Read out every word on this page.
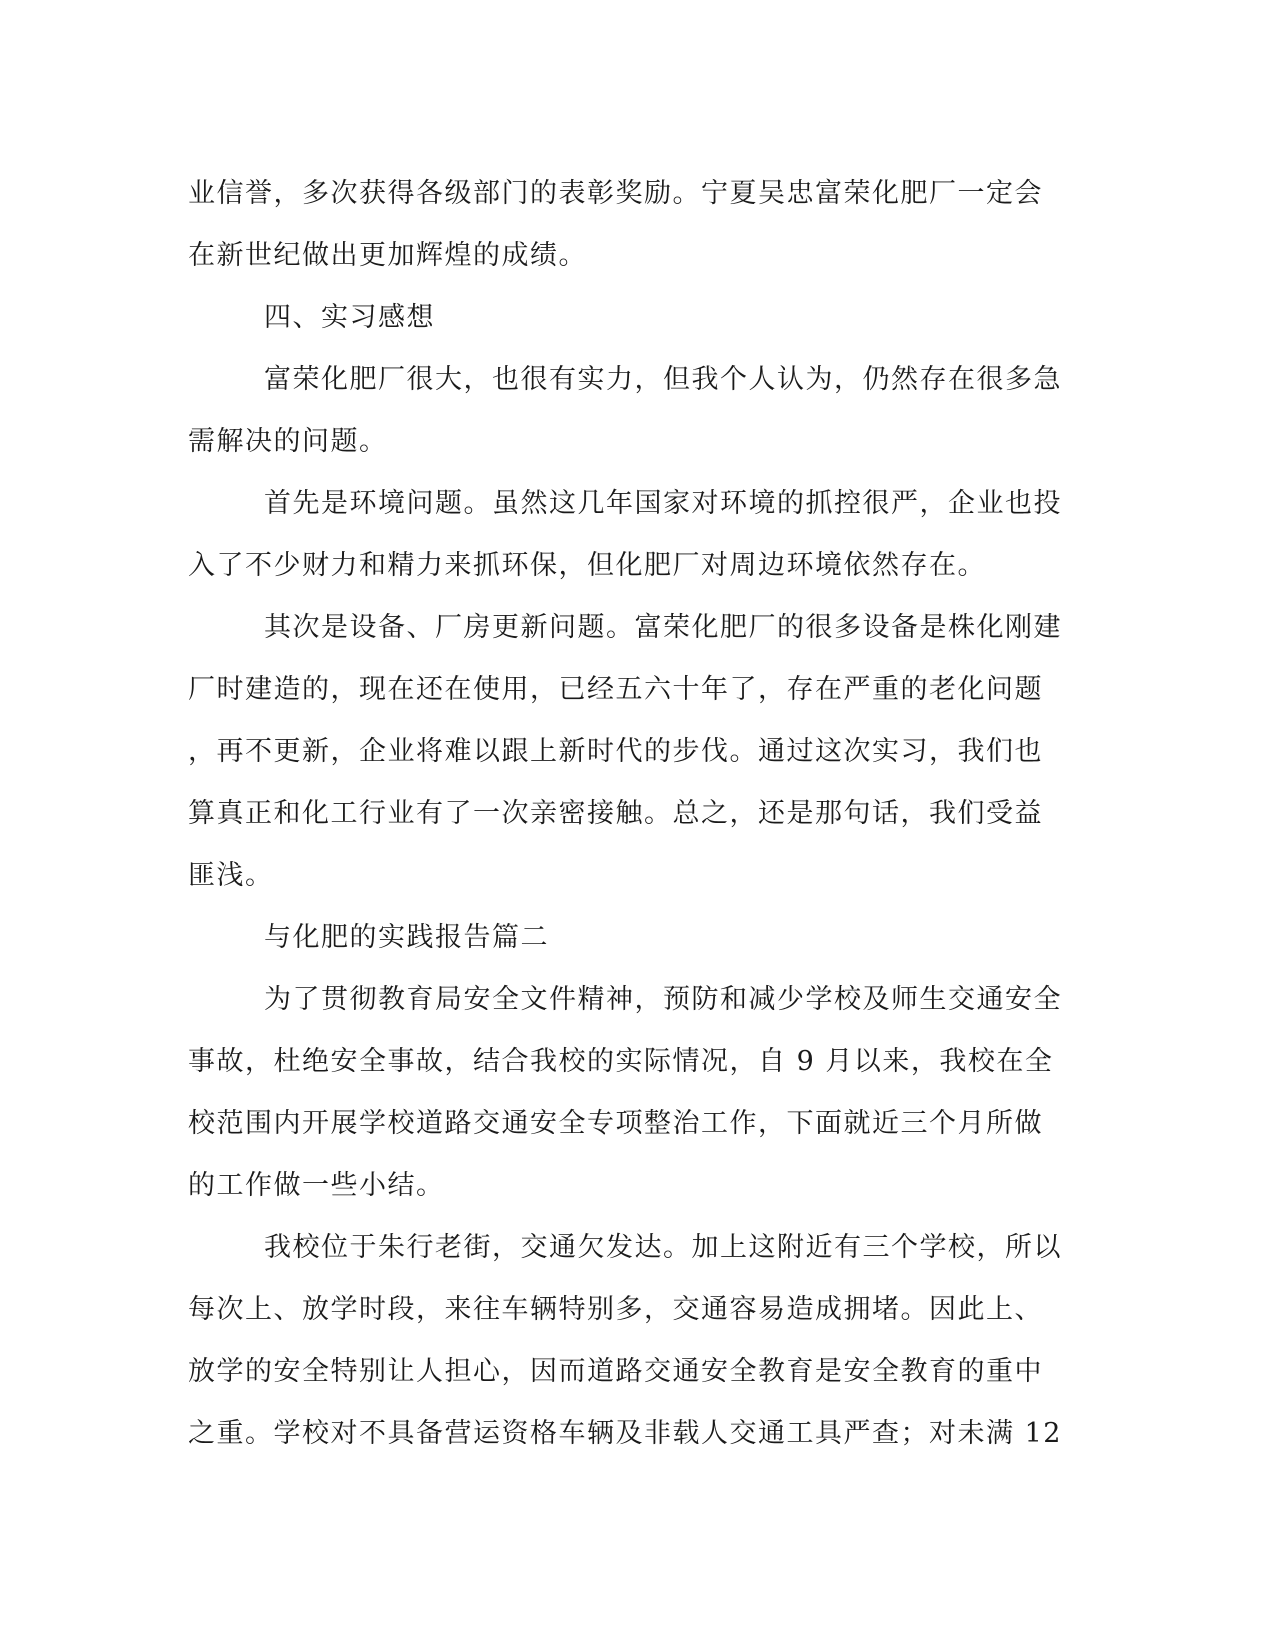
业信誉，多次获得各级部门的表彰奖励。宁夏吴忠富荣化肥厂一定会
在新世纪做出更加辉煌的成绩。
四、实习感想
富荣化肥厂很大，也很有实力，但我个人认为，仍然存在很多急
需解决的问题。
首先是环境问题。虽然这几年国家对环境的抓控很严，企业也投
入了不少财力和精力来抓环保，但化肥厂对周边环境依然存在。
其次是设备、厂房更新问题。富荣化肥厂的很多设备是株化刚建
厂时建造的，现在还在使用，已经五六十年了，存在严重的老化问题
，再不更新，企业将难以跟上新时代的步伐。通过这次实习，我们也
算真正和化工行业有了一次亲密接触。总之，还是那句话，我们受益
匪浅。
与化肥的实践报告篇二
为了贯彻教育局安全文件精神，预防和减少学校及师生交通安全
事故，杜绝安全事故，结合我校的实际情况，自 9 月以来，我校在全
校范围内开展学校道路交通安全专项整治工作，下面就近三个月所做
的工作做一些小结。
我校位于朱行老街，交通欠发达。加上这附近有三个学校，所以
每次上、放学时段，来往车辆特别多，交通容易造成拥堵。因此上、
放学的安全特别让人担心，因而道路交通安全教育是安全教育的重中
之重。学校对不具备营运资格车辆及非载人交通工具严查；对未满 12
